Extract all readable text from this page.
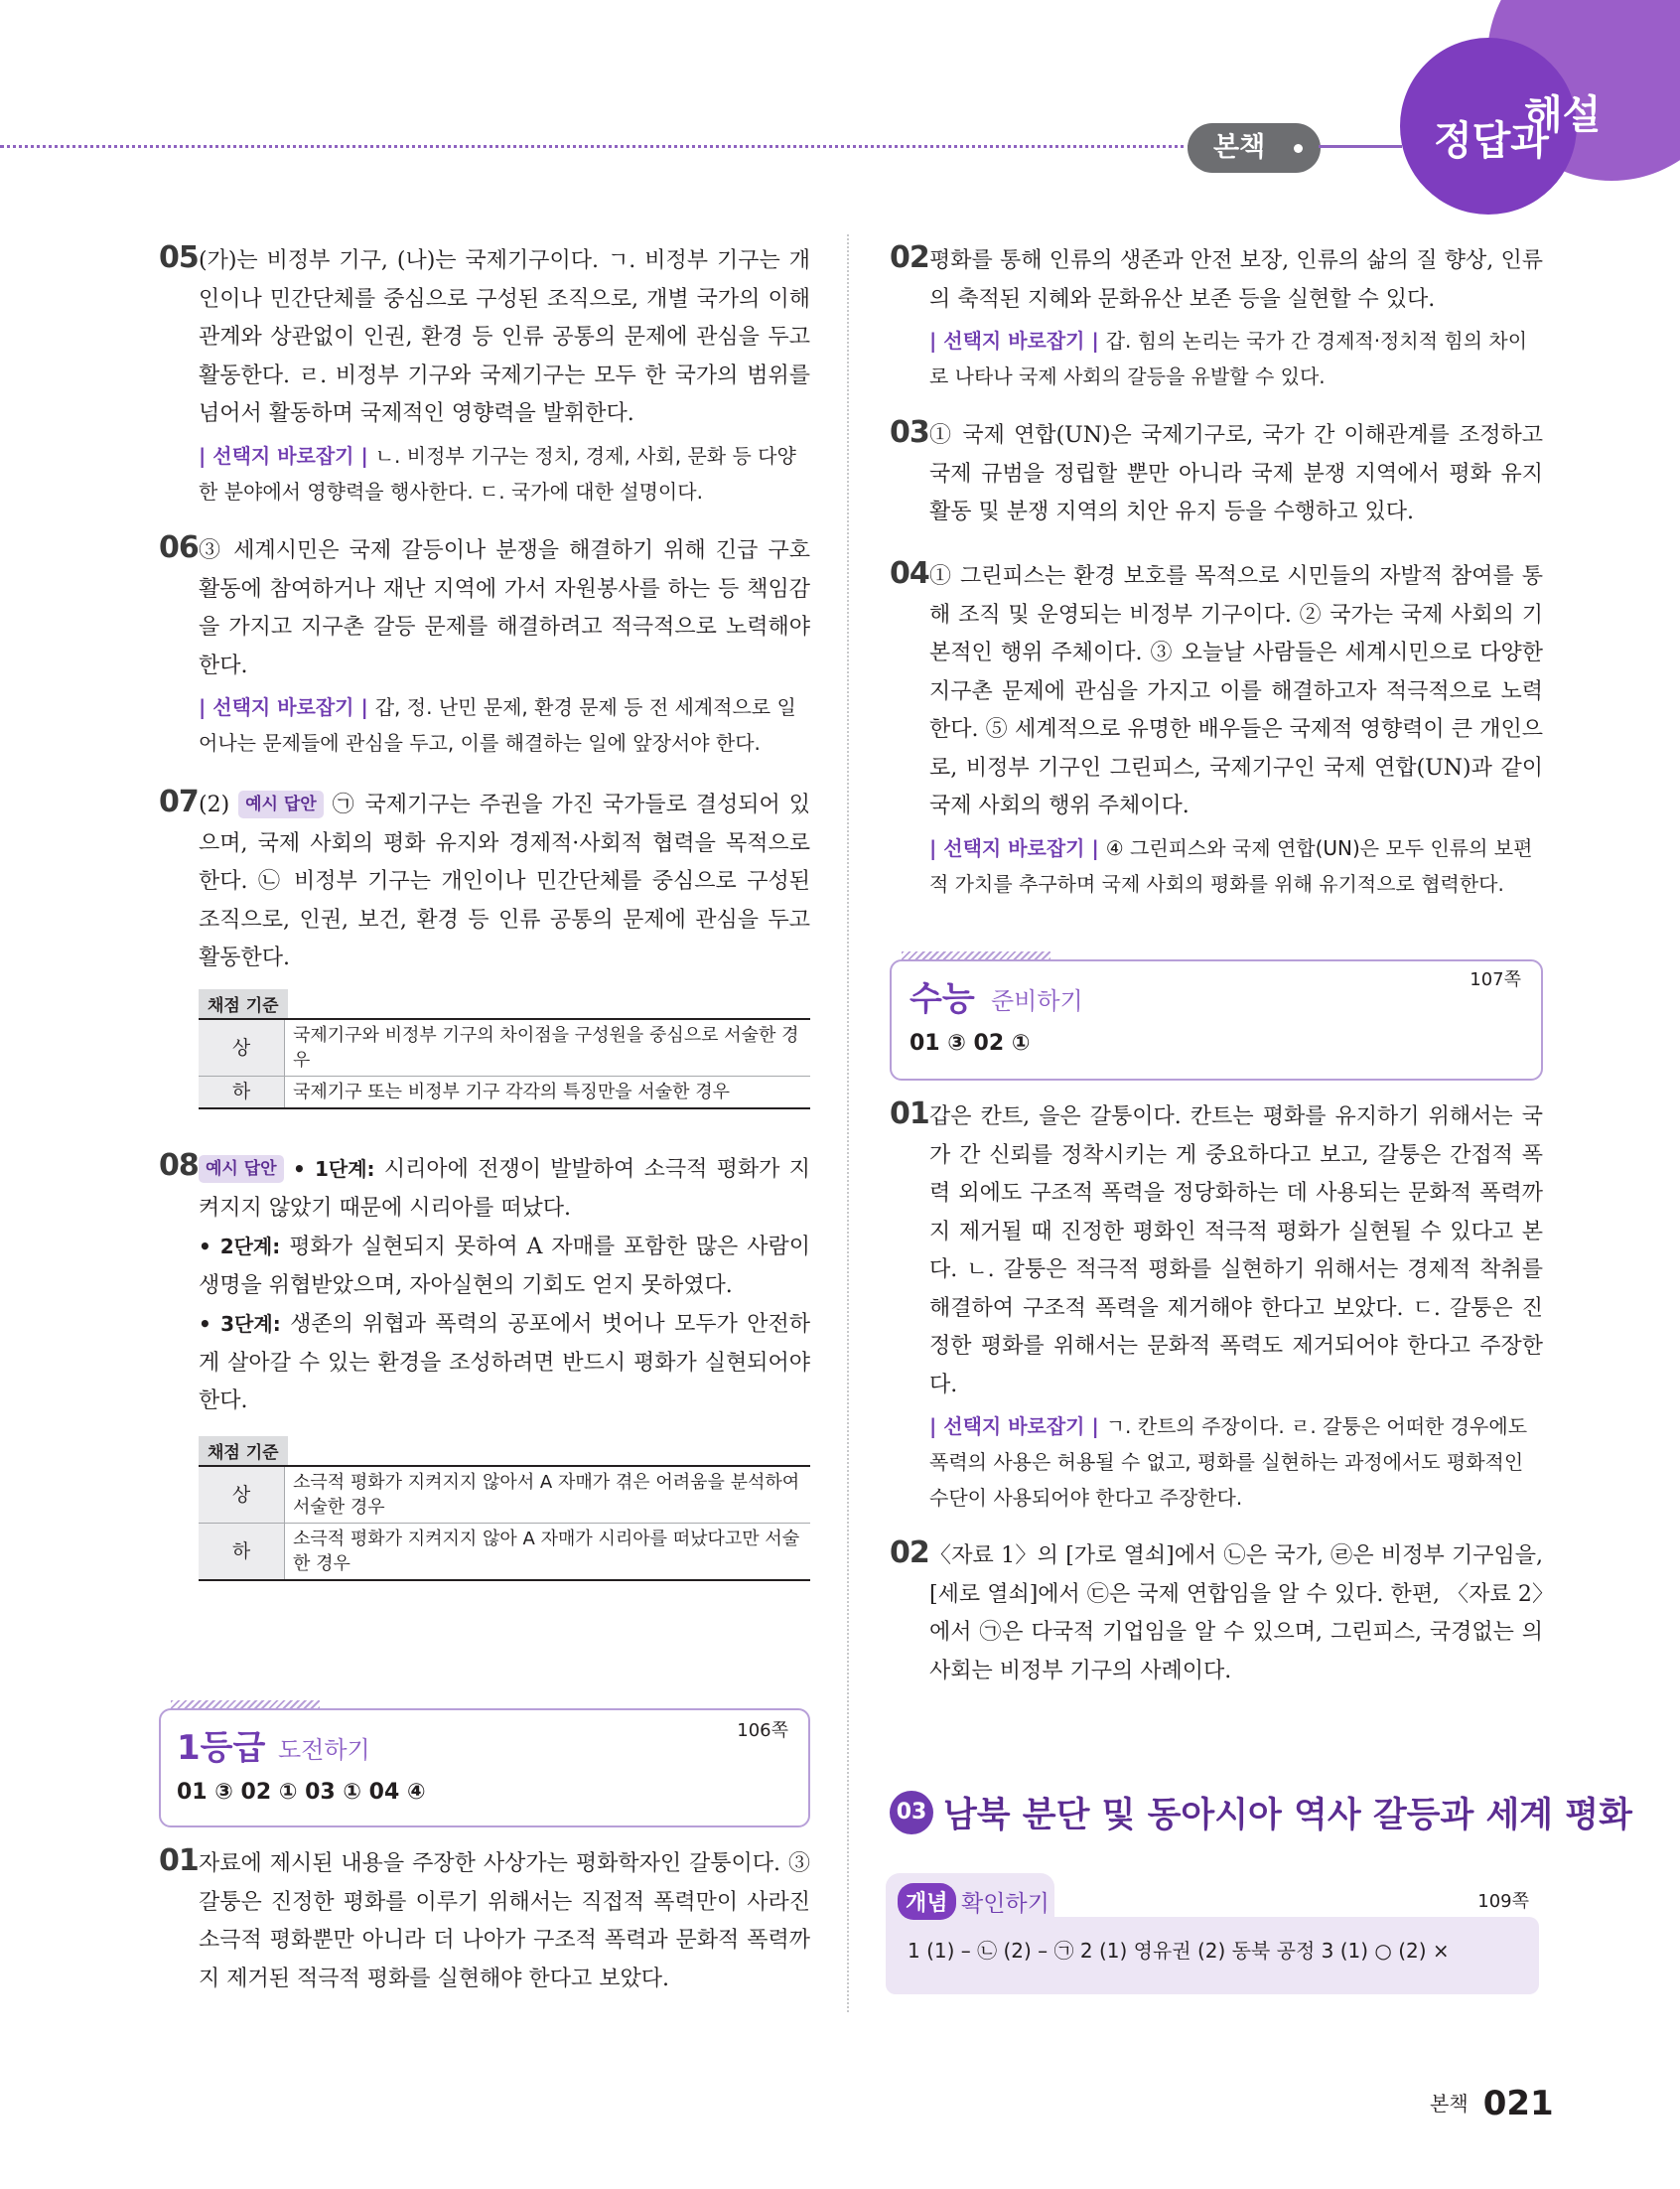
본책
해설
정답과
05 (가)는 비정부 기구, (나)는 국제기구이다. ㄱ. 비정부 기구는 개인이나 민간단체를 중심으로 구성된 조직으로, 개별 국가의 이해관계와 상관없이 인권, 환경 등 인류 공통의 문제에 관심을 두고 활동한다. ㄹ. 비정부 기구와 국제기구는 모두 한 국가의 범위를 넘어서 활동하며 국제적인 영향력을 발휘한다.
| 선택지 바로잡기 | ㄴ. 비정부 기구는 정치, 경제, 사회, 문화 등 다양한 분야에서 영향력을 행사한다. ㄷ. 국가에 대한 설명이다.
06 ③ 세계시민은 국제 갈등이나 분쟁을 해결하기 위해 긴급 구호 활동에 참여하거나 재난 지역에 가서 자원봉사를 하는 등 책임감을 가지고 지구촌 갈등 문제를 해결하려고 적극적으로 노력해야 한다.
| 선택지 바로잡기 | 갑, 정. 난민 문제, 환경 문제 등 전 세계적으로 일어나는 문제들에 관심을 두고, 이를 해결하는 일에 앞장서야 한다.
07 (2) 예시 답안 ㉠ 국제기구는 주권을 가진 국가들로 결성되어 있으며, 국제 사회의 평화 유지와 경제적·사회적 협력을 목적으로 한다. ㉡ 비정부 기구는 개인이나 민간단체를 중심으로 구성된 조직으로, 인권, 보건, 환경 등 인류 공통의 문제에 관심을 두고 활동한다.
채점 기준
상	국제기구와 비정부 기구의 차이점을 구성원을 중심으로 서술한 경우
하	국제기구 또는 비정부 기구 각각의 특징만을 서술한 경우
08 예시 답안 • 1단계: 시리아에 전쟁이 발발하여 소극적 평화가 지켜지지 않았기 때문에 시리아를 떠났다.
• 2단계: 평화가 실현되지 못하여 A 자매를 포함한 많은 사람이 생명을 위협받았으며, 자아실현의 기회도 얻지 못하였다.
• 3단계: 생존의 위협과 폭력의 공포에서 벗어나 모두가 안전하게 살아갈 수 있는 환경을 조성하려면 반드시 평화가 실현되어야 한다.
채점 기준
상	소극적 평화가 지켜지지 않아서 A 자매가 겪은 어려움을 분석하여 서술한 경우
하	소극적 평화가 지켜지지 않아 A 자매가 시리아를 떠났다고만 서술한 경우
1등급 도전하기
106쪽
01 ③ 02 ① 03 ① 04 ④
01 자료에 제시된 내용을 주장한 사상가는 평화학자인 갈퉁이다. ③ 갈퉁은 진정한 평화를 이루기 위해서는 직접적 폭력만이 사라진 소극적 평화뿐만 아니라 더 나아가 구조적 폭력과 문화적 폭력까지 제거된 적극적 평화를 실현해야 한다고 보았다.
02 평화를 통해 인류의 생존과 안전 보장, 인류의 삶의 질 향상, 인류의 축적된 지혜와 문화유산 보존 등을 실현할 수 있다.
| 선택지 바로잡기 | 갑. 힘의 논리는 국가 간 경제적·정치적 힘의 차이로 나타나 국제 사회의 갈등을 유발할 수 있다.
03 ① 국제 연합(UN)은 국제기구로, 국가 간 이해관계를 조정하고 국제 규범을 정립할 뿐만 아니라 국제 분쟁 지역에서 평화 유지 활동 및 분쟁 지역의 치안 유지 등을 수행하고 있다.
04 ① 그린피스는 환경 보호를 목적으로 시민들의 자발적 참여를 통해 조직 및 운영되는 비정부 기구이다. ② 국가는 국제 사회의 기본적인 행위 주체이다. ③ 오늘날 사람들은 세계시민으로 다양한 지구촌 문제에 관심을 가지고 이를 해결하고자 적극적으로 노력한다. ⑤ 세계적으로 유명한 배우들은 국제적 영향력이 큰 개인으로, 비정부 기구인 그린피스, 국제기구인 국제 연합(UN)과 같이 국제 사회의 행위 주체이다.
| 선택지 바로잡기 | ④ 그린피스와 국제 연합(UN)은 모두 인류의 보편적 가치를 추구하며 국제 사회의 평화를 위해 유기적으로 협력한다.
수능 준비하기
107쪽
01 ③ 02 ①
01 갑은 칸트, 을은 갈퉁이다. 칸트는 평화를 유지하기 위해서는 국가 간 신뢰를 정착시키는 게 중요하다고 보고, 갈퉁은 간접적 폭력 외에도 구조적 폭력을 정당화하는 데 사용되는 문화적 폭력까지 제거될 때 진정한 평화인 적극적 평화가 실현될 수 있다고 본다. ㄴ. 갈퉁은 적극적 평화를 실현하기 위해서는 경제적 착취를 해결하여 구조적 폭력을 제거해야 한다고 보았다. ㄷ. 갈퉁은 진정한 평화를 위해서는 문화적 폭력도 제거되어야 한다고 주장한다.
| 선택지 바로잡기 | ㄱ. 칸트의 주장이다. ㄹ. 갈퉁은 어떠한 경우에도 폭력의 사용은 허용될 수 없고, 평화를 실현하는 과정에서도 평화적인 수단이 사용되어야 한다고 주장한다.
02 〈자료 1〉의 [가로 열쇠]에서 ㉡은 국가, ㉣은 비정부 기구임을, [세로 열쇠]에서 ㉢은 국제 연합임을 알 수 있다. 한편, 〈자료 2〉에서 ㉠은 다국적 기업임을 알 수 있으며, 그린피스, 국경없는 의사회는 비정부 기구의 사례이다.
03 남북 분단 및 동아시아 역사 갈등과 세계 평화
개념 확인하기	109쪽
1 (1) – ㉡ (2) – ㉠ 2 (1) 영유권 (2) 동북 공정 3 (1) ○ (2) ×
본책 021
